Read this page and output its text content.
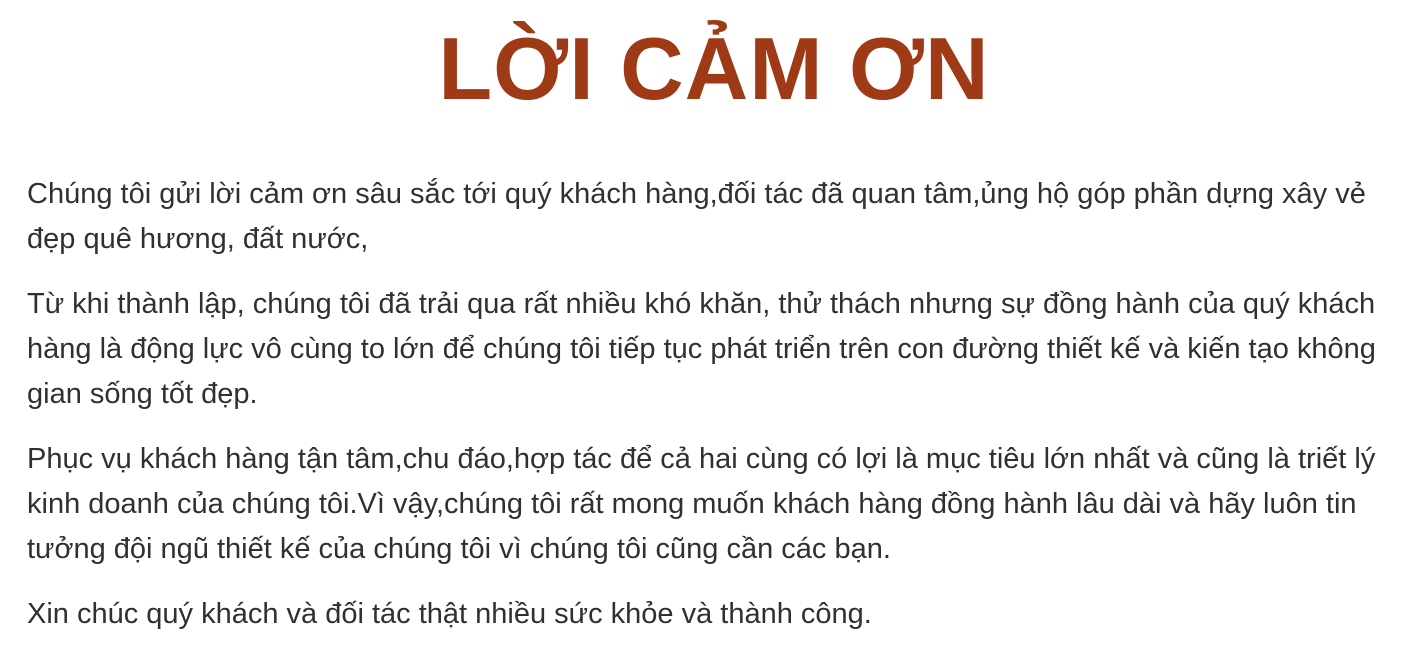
LỜI CẢM ƠN

Chúng tôi gửi lời cảm ơn sâu sắc tới quý khách hàng,đối tác đã quan tâm,ủng hộ góp phần dựng xây vẻ đẹp quê hương, đất nước,

Từ khi thành lập, chúng tôi đã trải qua rất nhiều khó khăn, thử thách nhưng sự đồng hành của quý khách hàng là động lực vô cùng to lớn để chúng tôi tiếp tục phát triển trên con đường thiết kế và kiến tạo không gian sống tốt đẹp.

Phục vụ khách hàng tận tâm,chu đáo,hợp tác để cả hai cùng có lợi là mục tiêu lớn nhất và cũng là triết lý kinh doanh của chúng tôi.Vì vậy,chúng tôi rất mong muốn khách hàng đồng hành lâu dài và hãy luôn tin tưởng đội ngũ thiết kế của chúng tôi vì chúng tôi cũng cần các bạn.

Xin chúc quý khách và đối tác thật nhiều sức khỏe và thành công.
